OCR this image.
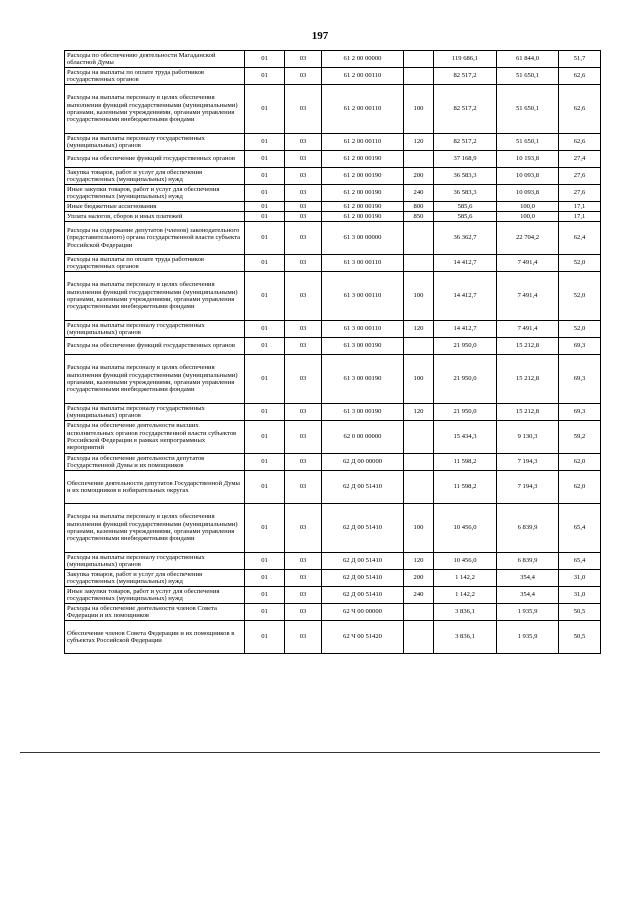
197
Расходы по обеспечению деятельности Магаданской областной Думы	01	03	61 2 00 00000		119 686,1	61 844,0	51,7
Расходы на выплаты по оплате труда работников государственных органов	01	03	61 2 00 00110		82 517,2	51 650,1	62,6
Расходы на выплаты персоналу в целях обеспечения выполнения функций государственными (муниципальными) органами, казенными учреждениями, органами управления государственными внебюджетными фондами	01	03	61 2 00 00110	100	82 517,2	51 650,1	62,6
Расходы на выплаты персоналу государственных (муниципальных) органов	01	03	61 2 00 00110	120	82 517,2	51 650,1	62,6
Расходы на обеспечение функций государственных органов	01	03	61 2 00 00190		37 168,9	10 193,8	27,4
Закупка товаров, работ и услуг для обеспечения государственных (муниципальных) нужд	01	03	61 2 00 00190	200	36 583,3	10 093,8	27,6
Иные закупки товаров, работ и услуг для обеспечения государственных (муниципальных) нужд	01	03	61 2 00 00190	240	36 583,3	10 093,8	27,6
Иные бюджетные ассигнования	01	03	61 2 00 00190	800	585,6	100,0	17,1
Уплата налогов, сборов и иных платежей	01	03	61 2 00 00190	850	585,6	100,0	17,1
Расходы на содержание депутатов (членов) законодательного (представительного) органа государственной власти субъекта Российской Федерации	01	03	61 3 00 00000		36 362,7	22 704,2	62,4
Расходы на выплаты по оплате труда работников государственных органов	01	03	61 3 00 00110		14 412,7	7 491,4	52,0
Расходы на выплаты персоналу в целях обеспечения выполнения функций государственными (муниципальными) органами, казенными учреждениями, органами управления государственными внебюджетными фондами	01	03	61 3 00 00110	100	14 412,7	7 491,4	52,0
Расходы на выплаты персоналу государственных (муниципальных) органов	01	03	61 3 00 00110	120	14 412,7	7 491,4	52,0
Расходы на обеспечение функций государственных органов	01	03	61 3 00 00190		21 950,0	15 212,8	69,3
Расходы на выплаты персоналу в целях обеспечения выполнения функций государственными (муниципальными) органами, казенными учреждениями, органами управления государственными внебюджетными фондами	01	03	61 3 00 00190	100	21 950,0	15 212,8	69,3
Расходы на выплаты персоналу государственных (муниципальных) органов	01	03	61 3 00 00190	120	21 950,0	15 212,8	69,3
Расходы на обеспечение деятельности высших исполнительных органов государственной власти субъектов Российской Федерации в рамках непрограммных мероприятий	01	03	62 0 00 00000		15 434,3	9 130,3	59,2
Расходы на обеспечение деятельности депутатов Государственной Думы и их помощников	01	03	62 Д 00 00000		11 598,2	7 194,3	62,0
Обеспечение деятельности депутатов Государственной Думы и их помощников в избирательных округах	01	03	62 Д 00 51410		11 598,2	7 194,3	62,0
Расходы на выплаты персоналу в целях обеспечения выполнения функций государственными (муниципальными) органами, казенными учреждениями, органами управления государственными внебюджетными фондами	01	03	62 Д 00 51410	100	10 456,0	6 839,9	65,4
Расходы на выплаты персоналу государственных (муниципальных) органов	01	03	62 Д 00 51410	120	10 456,0	6 839,9	65,4
Закупка товаров, работ и услуг для обеспечения государственных (муниципальных) нужд	01	03	62 Д 00 51410	200	1 142,2	354,4	31,0
Иные закупки товаров, работ и услуг для обеспечения государственных (муниципальных) нужд	01	03	62 Д 00 51410	240	1 142,2	354,4	31,0
Расходы на обеспечение деятельности членов Совета Федерации и их помощников	01	03	62 Ч 00 00000		3 836,1	1 935,9	50,5
Обеспечение членов Совета Федерации и их помощников в субъектах Российской Федерации	01	03	62 Ч 00 51420		3 836,1	1 935,9	50,5
